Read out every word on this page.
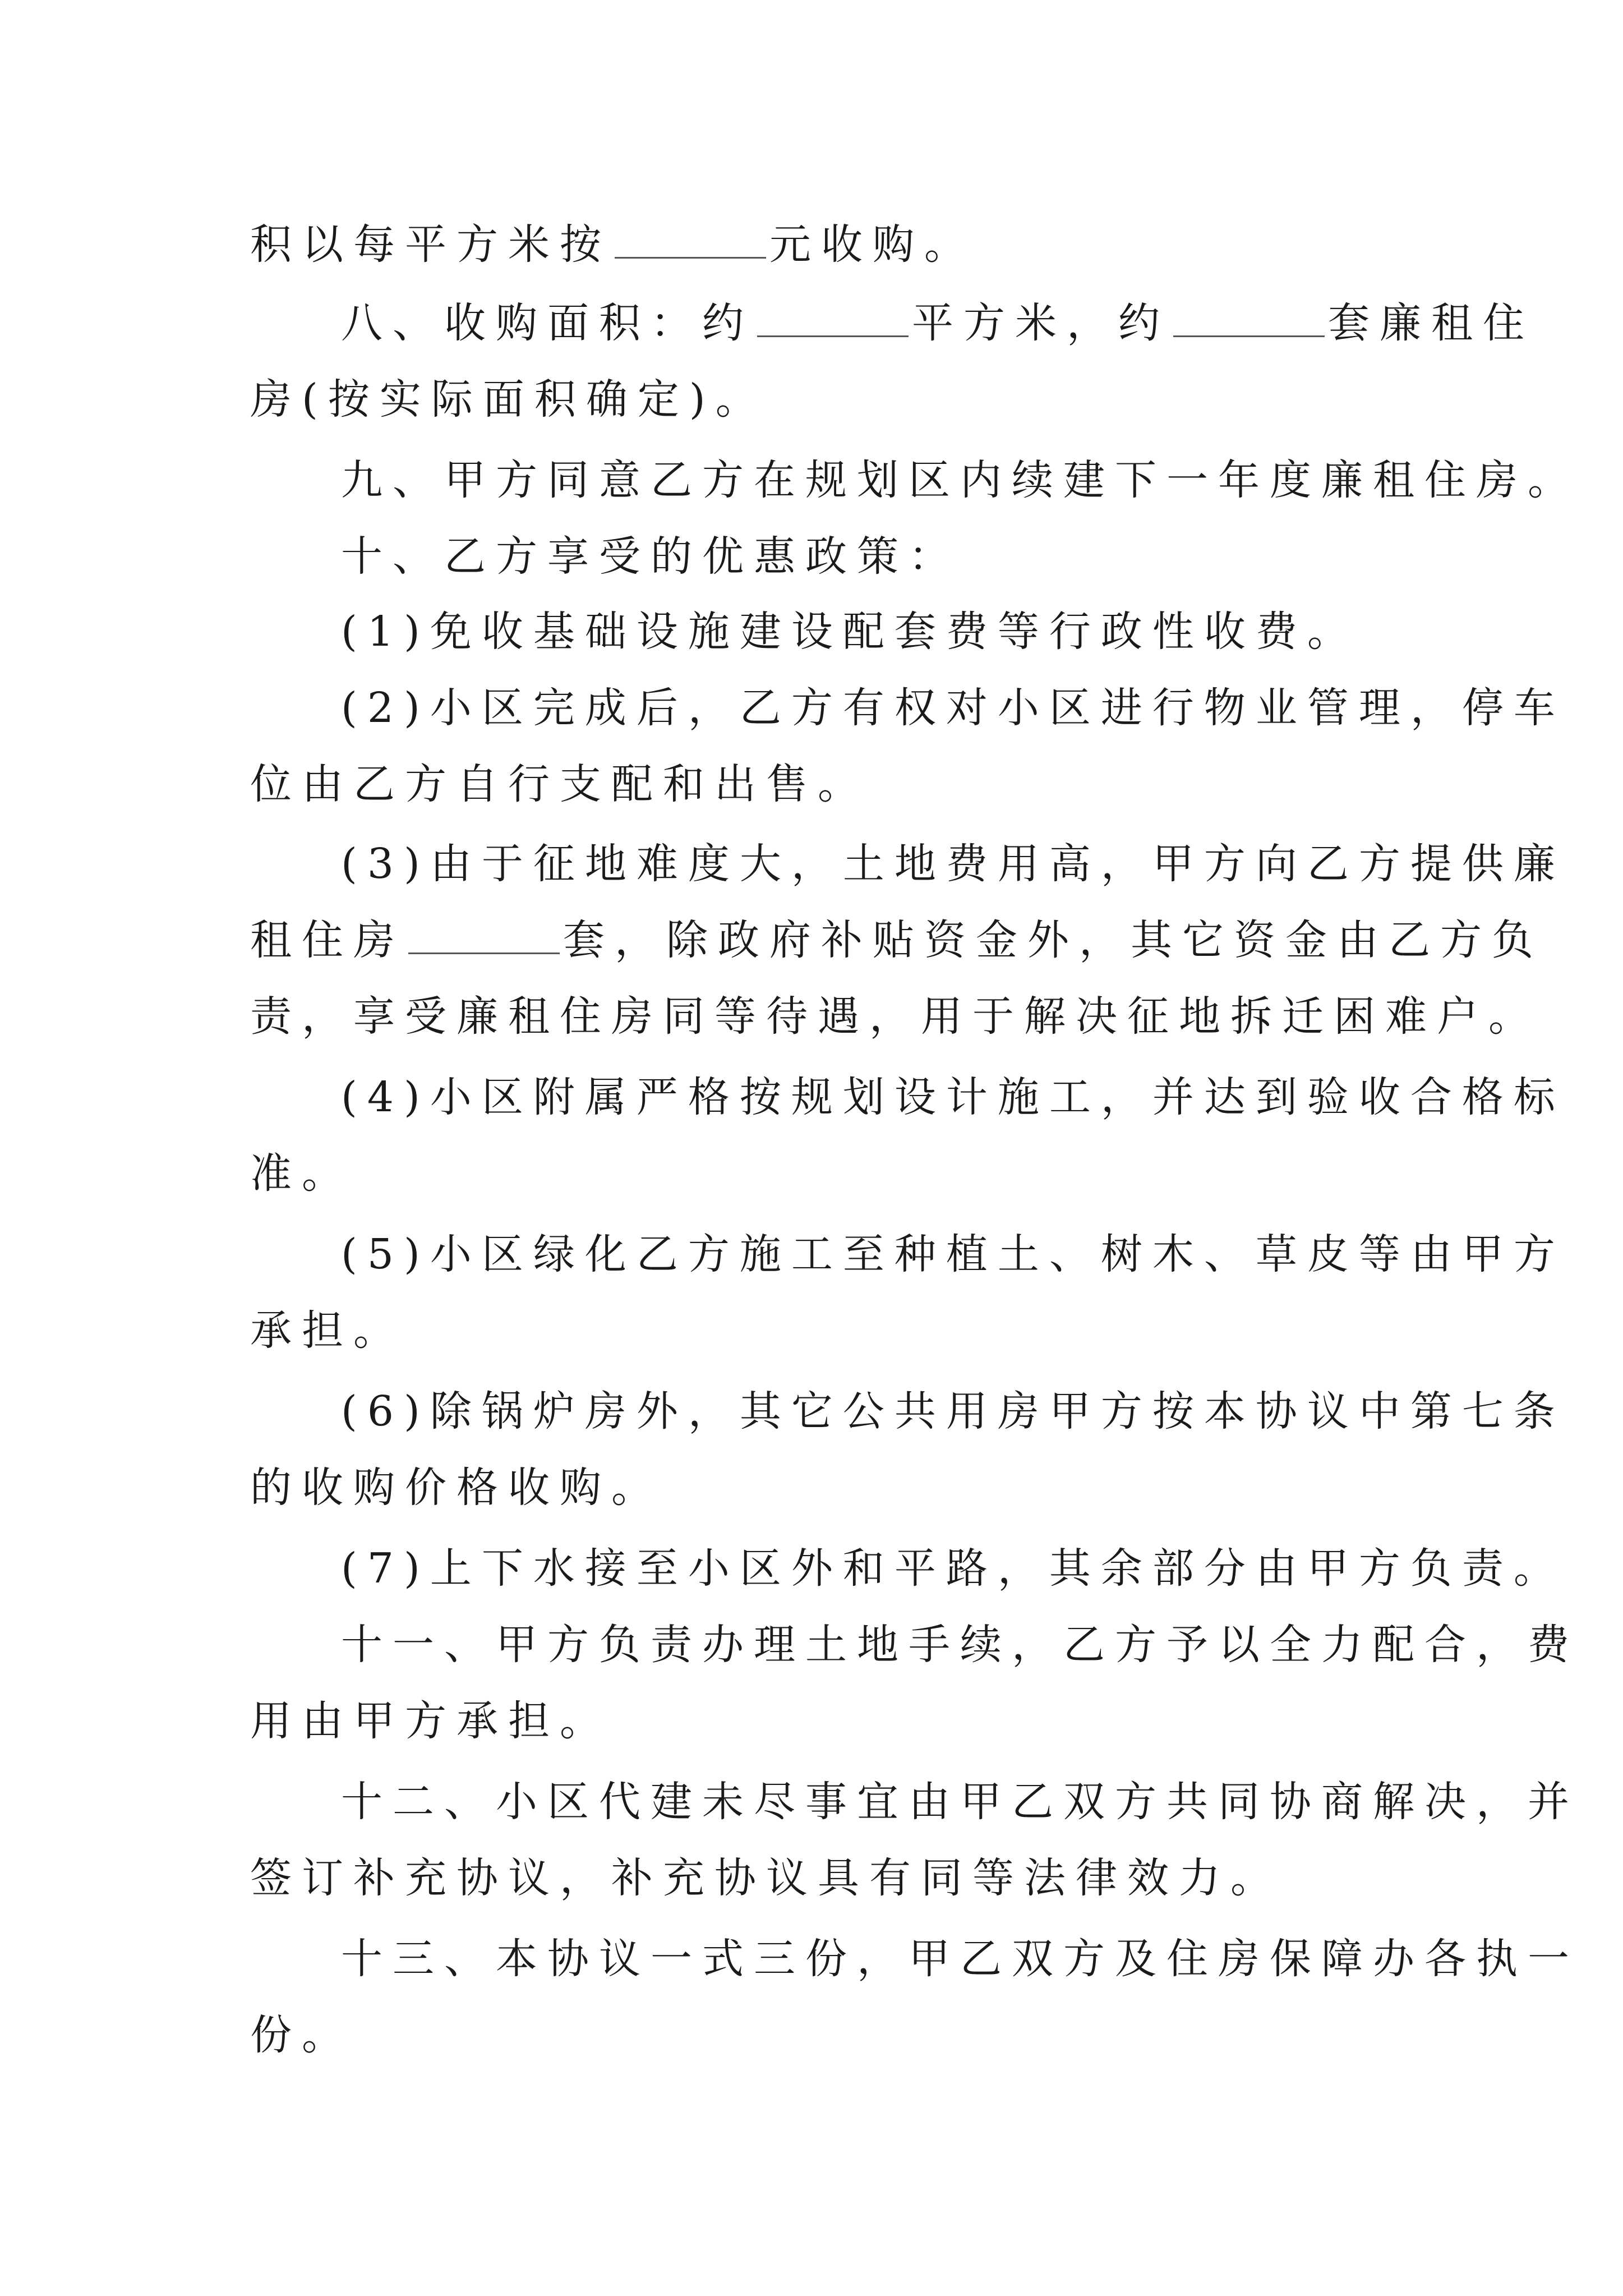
积以每平方米按	元收购。
八、收购面积：约	平方米，约	套廉租住
房(按实际面积确定)。
九、甲方同意乙方在规划区内续建下一年度廉租住房。
十、乙方享受的优惠政策：
(1)免收基础设施建设配套费等行政性收费。
(2)小区完成后，乙方有权对小区进行物业管理，停车
位由乙方自行支配和出售。
(3)由于征地难度大，土地费用高，甲方向乙方提供廉
租住房	套，除政府补贴资金外，其它资金由乙方负
责，享受廉租住房同等待遇，用于解决征地拆迁困难户。
(4)小区附属严格按规划设计施工，并达到验收合格标
准。
(5)小区绿化乙方施工至种植土、树木、草皮等由甲方
承担。
(6)除锅炉房外，其它公共用房甲方按本协议中第七条
的收购价格收购。
(7)上下水接至小区外和平路，其余部分由甲方负责。
十一、甲方负责办理土地手续，乙方予以全力配合，费
用由甲方承担。
十二、小区代建未尽事宜由甲乙双方共同协商解决，并
签订补充协议，补充协议具有同等法律效力。
十三、本协议一式三份，甲乙双方及住房保障办各执一
份。
